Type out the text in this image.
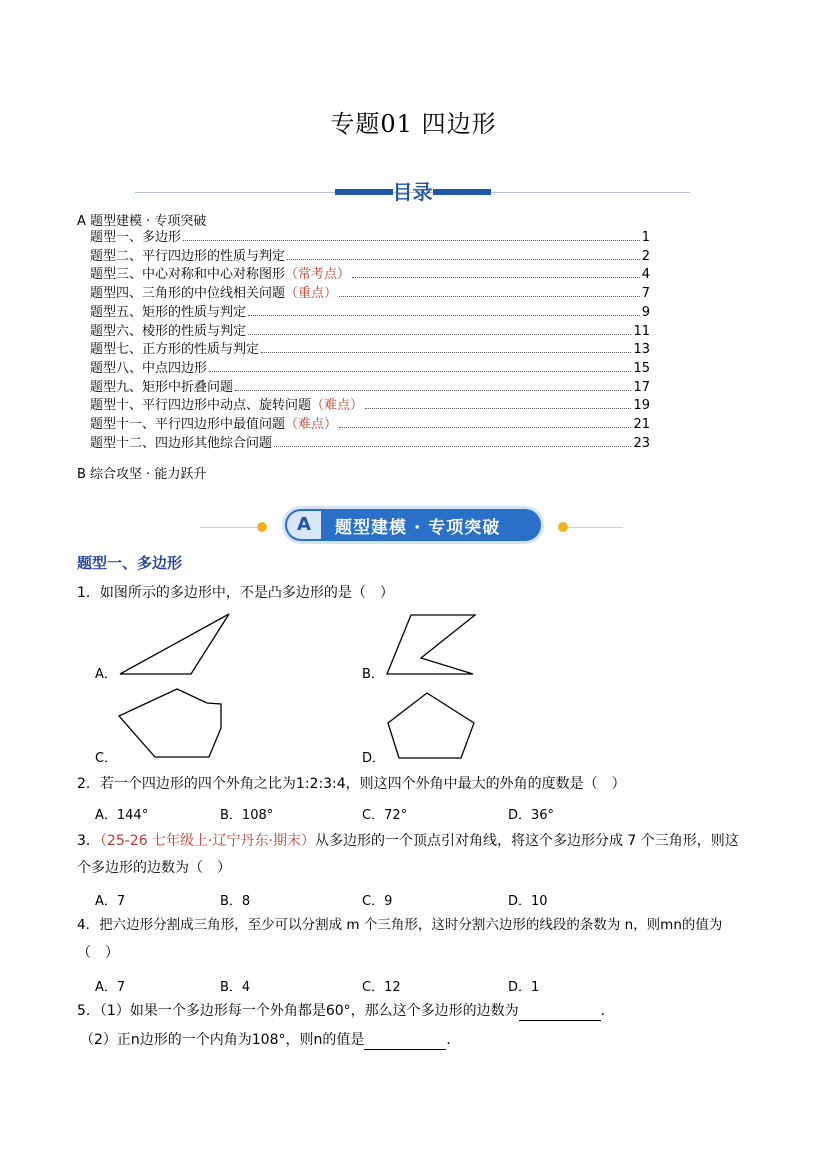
专题01 四边形
目录
A 题型建模 · 专项突破
题型一、多边形	1
题型二、平行四边形的性质与判定	2
题型三、中心对称和中心对称图形 （常考点）	4
题型四、三角形的中位线相关问题 （重点）	7
题型五、矩形的性质与判定	9
题型六、棱形的性质与判定	11
题型七、正方形的性质与判定	13
题型八、中点四边形	15
题型九、矩形中折叠问题	17
题型十、平行四边形中动点、旋转问题 （难点）	19
题型十一、平行四边形中最值问题 （难点）	21
题型十二、四边形其他综合问题	23
B 综合攻坚 · 能力跃升
A	题型建模 · 专项突破
题型一、多边形
1．如图所示的多边形中，不是凸多边形的是（　）
A．	B．
C．	D．
2．若一个四边形的四个外角之比为1:2:3:4，则这四个外角中最大的外角的度数是（　）
A．144°	B．108°	C．72°	D．36°
3．（25-26 七年级上·辽宁丹东·期末）从多边形的一个顶点引对角线，将这个多边形分成 7 个三角形，则这
个多边形的边数为（　）
A．7	B．8	C．9	D．10
4．把六边形分割成三角形，至少可以分割成 m 个三角形，这时分割六边形的线段的条数为 n，则mn的值为
（　）
A．7	B．4	C．12	D．1
5．（1）如果一个多边形每一个外角都是60°，那么这个多边形的边数为	．
（2）正n边形的一个内角为108°，则n的值是	．
